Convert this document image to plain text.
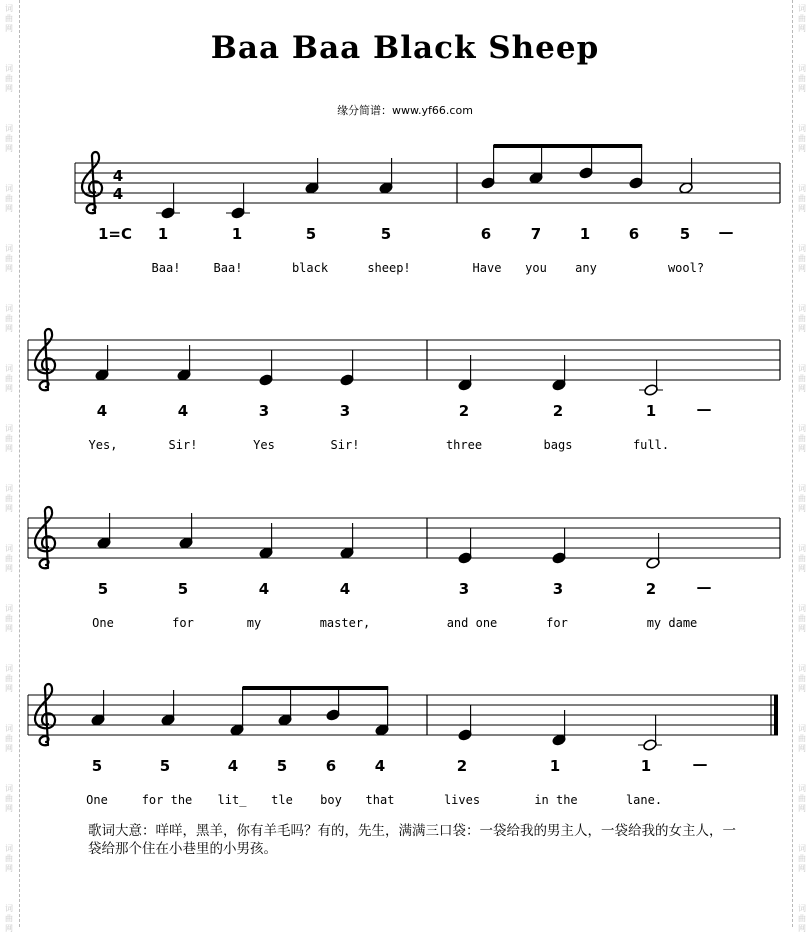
词
曲
网
词
曲
网
词
曲
网
词
曲
网
词
曲
网
词
曲
网
词
曲
网
词
曲
网
词
曲
网
词
曲
网
词
曲
网
词
曲
网
词
曲
网
词
曲
网
词
曲
网
词
曲
网
词
曲
网
词
曲
网
词
曲
网
词
曲
网
词
曲
网
词
曲
网
词
曲
网
词
曲
网
词
曲
网
词
曲
网
词
曲
网
词
曲
网
词
曲
网
词
曲
网
词
曲
网
词
曲
网
Baa Baa Black Sheep
缘分简谱：www.yf66.com
4
4
1=C 1	1	5	5	6	7	1	6	5 —
Baa!	Baa!	black	sheep!	Have you any	wool?
4	4	3	3	2	2	1	—
Yes,	Sir!	Yes	Sir!	three	bags	full.
5	5	4	4	3	3	2	—
One	for	my	master,	and one	for	my dame
5	5	4	5	6	4	2	1	1	—
One	for the lit_ tle boy that	lives	in the	lane.
歌词大意：咩咩，黑羊，你有羊毛吗？有的，先生，满满三口袋：一袋给我的男主人，一袋给我的女主人，一袋给那个住在小巷里的小男孩。
